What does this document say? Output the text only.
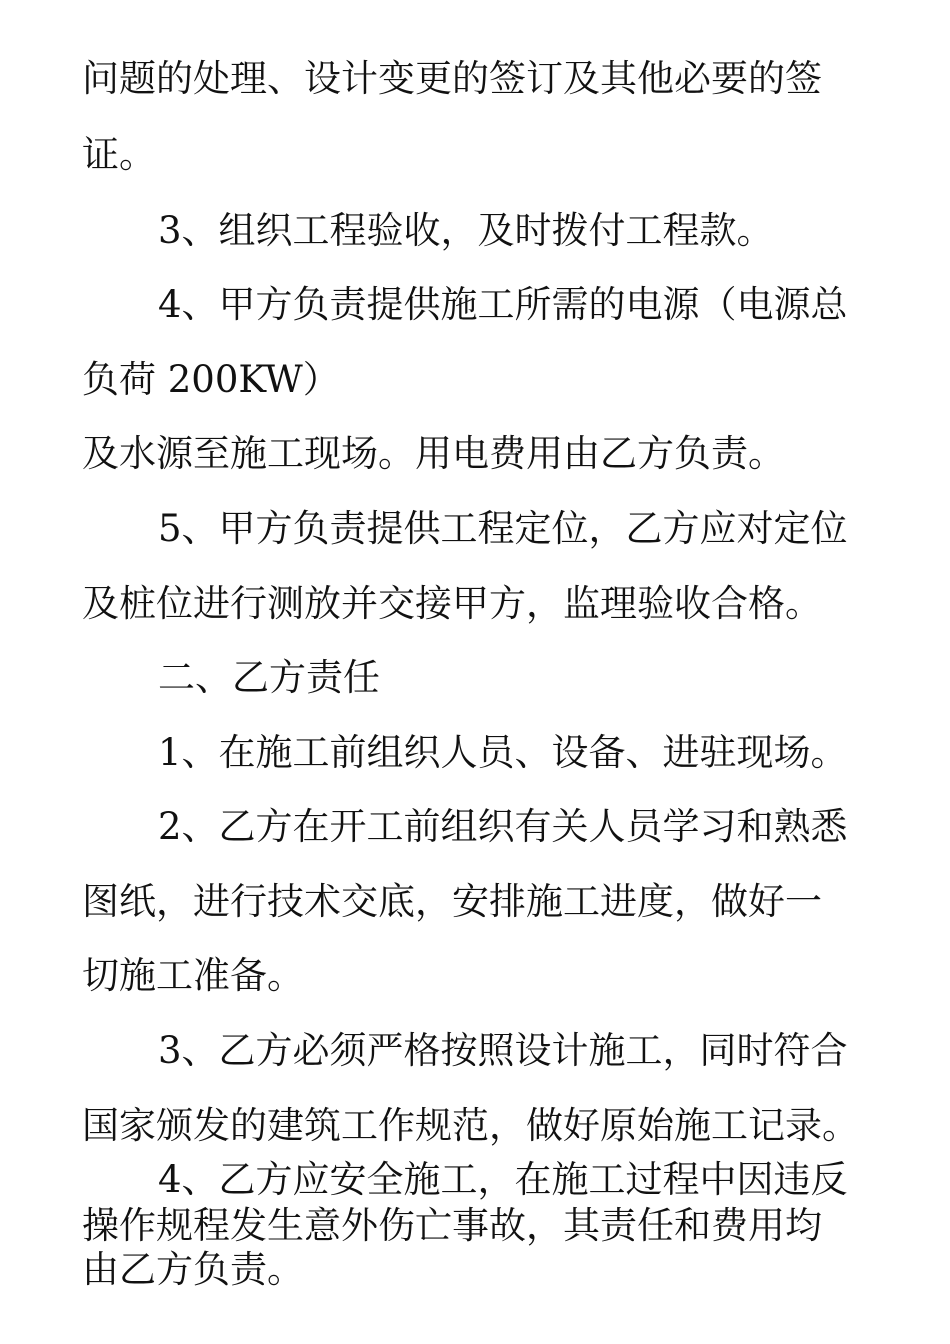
问题的处理、设计变更的签订及其他必要的签
证。
3、组织工程验收，及时拨付工程款。
4、甲方负责提供施工所需的电源（电源总
负荷 200KW）
及水源至施工现场。用电费用由乙方负责。
5、甲方负责提供工程定位，乙方应对定位
及桩位进行测放并交接甲方，监理验收合格。
二、乙方责任
1、在施工前组织人员、设备、进驻现场。
2、乙方在开工前组织有关人员学习和熟悉
图纸，进行技术交底，安排施工进度，做好一
切施工准备。
3、乙方必须严格按照设计施工，同时符合
国家颁发的建筑工作规范，做好原始施工记录。
4、乙方应安全施工，在施工过程中因违反
操作规程发生意外伤亡事故，其责任和费用均
由乙方负责。
